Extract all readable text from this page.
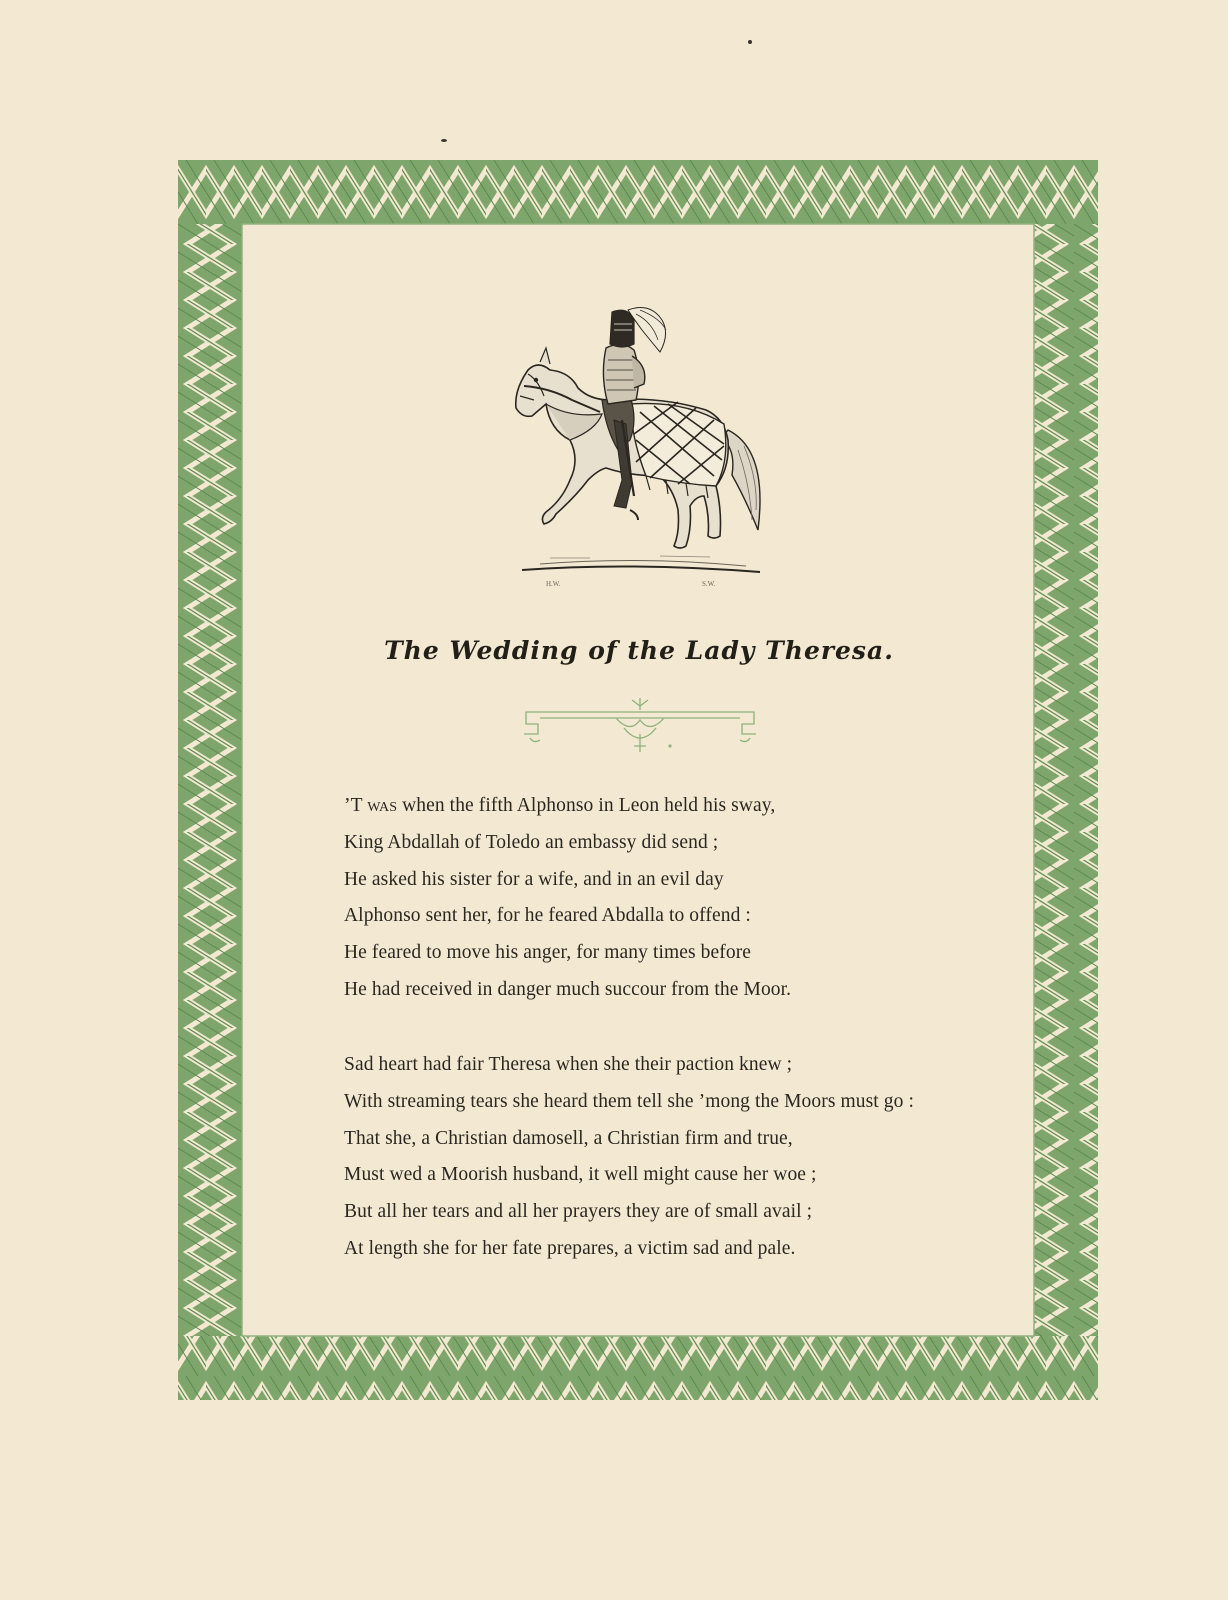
H.W.	S.W.
The Wedding of the Lady Theresa.
’T was when the fifth Alphonso in Leon held his sway,
King Abdallah of Toledo an embassy did send ;
He asked his sister for a wife, and in an evil day
Alphonso sent her, for he feared Abdalla to offend :
He feared to move his anger, for many times before
He had received in danger much succour from the Moor.
Sad heart had fair Theresa when she their paction knew ;
With streaming tears she heard them tell she ’mong the Moors must go :
That she, a Christian damosell, a Christian firm and true,
Must wed a Moorish husband, it well might cause her woe ;
But all her tears and all her prayers they are of small avail ;
At length she for her fate prepares, a victim sad and pale.
